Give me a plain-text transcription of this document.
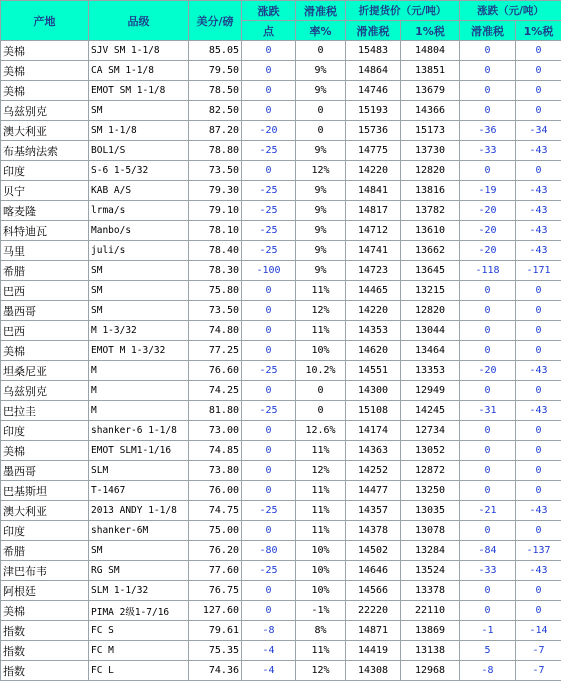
产地	品级	美分/磅	涨跌	滑准税	折提货价（元/吨）		涨跌（元/吨）	
			点	率%	滑准税	1%税	滑准税	1%税
美棉	SJV SM 1-1/8	85.05	0	0	15483	14804	0	0
美棉	CA SM 1-1/8	79.50	0	9%	14864	13851	0	0
美棉	EMOT SM 1-1/8	78.50	0	9%	14746	13679	0	0
乌兹别克	SM	82.50	0	0	15193	14366	0	0
澳大利亚	SM 1-1/8	87.20	-20	0	15736	15173	-36	-34
布基纳法索	BOL1/S	78.80	-25	9%	14775	13730	-33	-43
印度	S-6 1-5/32	73.50	0	12%	14220	12820	0	0
贝宁	KAB A/S	79.30	-25	9%	14841	13816	-19	-43
喀麦隆	lrma/s	79.10	-25	9%	14817	13782	-20	-43
科特迪瓦	Manbo/s	78.10	-25	9%	14712	13610	-20	-43
马里	juli/s	78.40	-25	9%	14741	13662	-20	-43
希腊	SM	78.30	-100	9%	14723	13645	-118	-171
巴西	SM	75.80	0	11%	14465	13215	0	0
墨西哥	SM	73.50	0	12%	14220	12820	0	0
巴西	M 1-3/32	74.80	0	11%	14353	13044	0	0
美棉	EMOT M 1-3/32	77.25	0	10%	14620	13464	0	0
坦桑尼亚	M	76.60	-25	10.2%	14551	13353	-20	-43
乌兹别克	M	74.25	0	0	14300	12949	0	0
巴拉圭	M	81.80	-25	0	15108	14245	-31	-43
印度	shanker-6 1-1/8	73.00	0	12.6%	14174	12734	0	0
美棉	EMOT SLM1-1/16	74.85	0	11%	14363	13052	0	0
墨西哥	SLM	73.80	0	12%	14252	12872	0	0
巴基斯坦	T-1467	76.00	0	11%	14477	13250	0	0
澳大利亚	2013 ANDY 1-1/8	74.75	-25	11%	14357	13035	-21	-43
印度	shanker-6M	75.00	0	11%	14378	13078	0	0
希腊	SM	76.20	-80	10%	14502	13284	-84	-137
津巴布韦	RG SM	77.60	-25	10%	14646	13524	-33	-43
阿根廷	SLM 1-1/32	76.75	0	10%	14566	13378	0	0
美棉	PIMA 2级1-7/16	127.60	0	-1%	22220	22110	0	0
指数	FC S	79.61	-8	8%	14871	13869	-1	-14
指数	FC M	75.35	-4	11%	14419	13138	5	-7
指数	FC L	74.36	-4	12%	14308	12968	-8	-7
